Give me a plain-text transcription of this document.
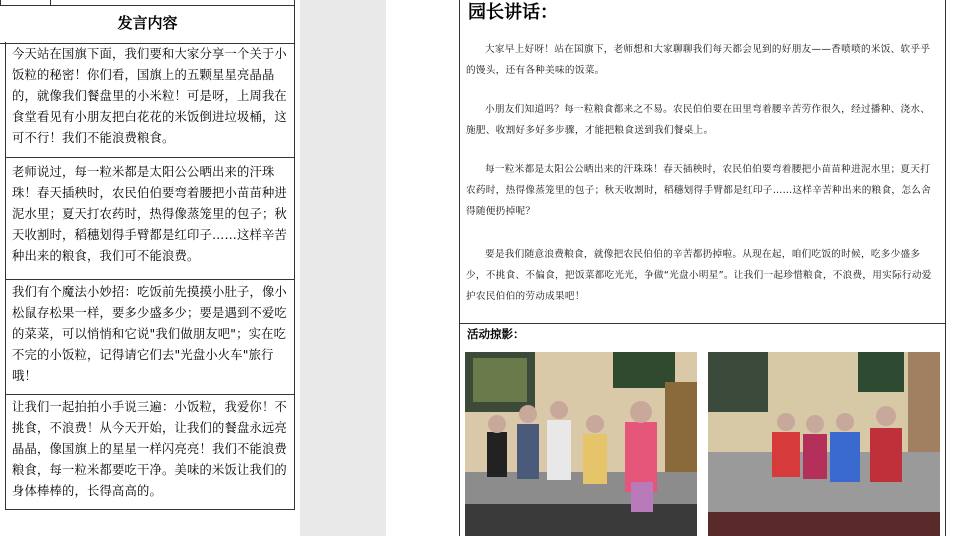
发言内容
今天站在国旗下面，我们要和大家分享一个关于小饭粒的秘密！你们看，国旗上的五颗星星亮晶晶的，就像我们餐盘里的小米粒！可是呀，上周我在食堂看见有小朋友把白花花的米饭倒进垃圾桶，这可不行！我们不能浪费粮食。
老师说过，每一粒米都是太阳公公晒出来的汗珠珠！春天插秧时，农民伯伯要弯着腰把小苗苗种进泥水里；夏天打农药时，热得像蒸笼里的包子；秋天收割时，稻穗划得手臂都是红印子……这样辛苦种出来的粮食，我们可不能浪费。
我们有个魔法小妙招：吃饭前先摸摸小肚子，像小松鼠存松果一样，要多少盛多少；要是遇到不爱吃的菜菜，可以悄悄和它说"我们做朋友吧"；实在吃不完的小饭粒，记得请它们去"光盘小火车"旅行哦！
让我们一起拍拍小手说三遍：小饭粒，我爱你！不挑食，不浪费！从今天开始，让我们的餐盘永远亮晶晶，像国旗上的星星一样闪亮亮！我们不能浪费粮食，每一粒米都要吃干净。美味的米饭让我们的身体棒棒的，长得高高的。
园长讲话：
大家早上好呀！站在国旗下，老师想和大家聊聊我们每天都会见到的好朋友——香喷喷的米饭、软乎乎的馒头，还有各种美味的饭菜。
小朋友们知道吗？每一粒粮食都来之不易。农民伯伯要在田里弯着腰辛苦劳作很久，经过播种、浇水、施肥、收割好多好多步骤，才能把粮食送到我们餐桌上。
每一粒米都是太阳公公晒出来的汗珠珠！春天插秧时，农民伯伯要弯着腰把小苗苗种进泥水里；夏天打农药时，热得像蒸笼里的包子；秋天收割时，稻穗划得手臂都是红印子……这样辛苦种出来的粮食，怎么舍得随便扔掉呢？
要是我们随意浪费粮食，就像把农民伯伯的辛苦都扔掉啦。从现在起，咱们吃饭的时候，吃多少盛多少，不挑食、不偏食，把饭菜都吃光光，争做“光盘小明星”。让我们一起珍惜粮食，不浪费，用实际行动爱护农民伯伯的劳动成果吧！
活动掠影：
